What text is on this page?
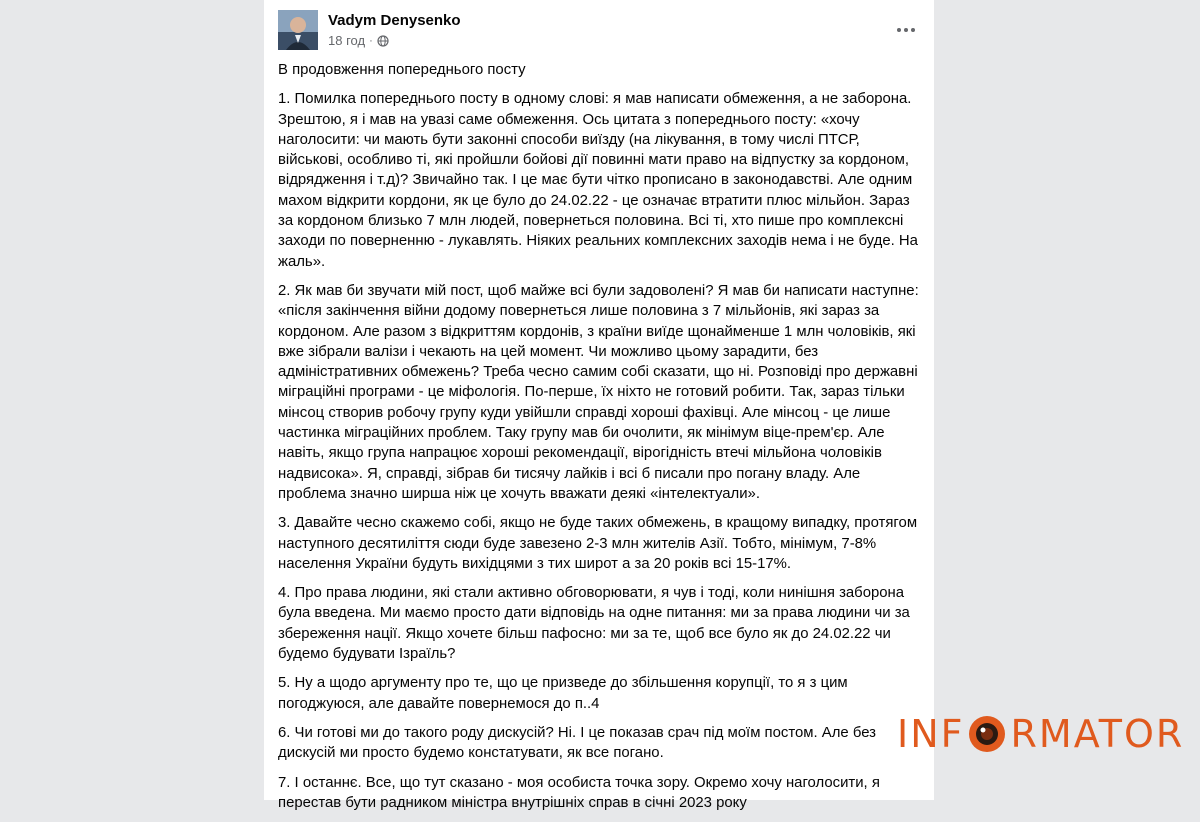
Vadym Denysenko
18 год ·

В продовження попереднього посту

1. Помилка попереднього посту в одному слові: я мав написати обмеження, а не заборона. Зрештою, я і мав на увазі саме обмеження. Ось цитата з попереднього посту: «хочу наголосити: чи мають бути законні способи виїзду (на лікування, в тому числі ПТСР, військові, особливо ті, які пройшли бойові дії повинні мати право на відпустку за кордоном, відрядження і т.д)? Звичайно так. І це має бути чітко прописано в законодавстві. Але одним махом відкрити кордони, як це було до 24.02.22 - це означає втратити плюс мільйон. Зараз за кордоном близько 7 млн людей, повернеться половина. Всі ті, хто пише про комплексні заходи по поверненню - лукавлять. Ніяких реальних комплексних заходів нема і не буде. На жаль».

2. Як мав би звучати мій пост, щоб майже всі були задоволені? Я мав би написати наступне: «після закінчення війни додому повернеться лише половина з 7 мільйонів, які зараз за кордоном. Але разом з відкриттям кордонів, з країни виїде щонайменше 1 млн чоловіків, які вже зібрали валізи і чекають на цей момент. Чи можливо цьому зарадити, без адміністративних обмежень? Треба чесно самим собі сказати, що ні. Розповіді про державні міграційні програми - це міфологія. По-перше, їх ніхто не готовий робити. Так, зараз тільки мінсоц створив робочу групу куди увійшли справді хороші фахівці. Але мінсоц - це лише частинка міграційних проблем. Таку групу мав би очолити, як мінімум віце-прем'єр. Але навіть, якщо група напрацює хороші рекомендації, вірогідність втечі мільйона чоловіків надвисока». Я, справді, зібрав би тисячу лайків і всі б писали про погану владу. Але проблема значно ширша ніж це хочуть вважати деякі «інтелектуали».

3. Давайте чесно скажемо собі, якщо не буде таких обмежень, в кращому випадку, протягом наступного десятиліття сюди буде завезено 2-3 млн жителів Азії. Тобто, мінімум, 7-8% населення України будуть вихідцями з тих широт а за 20 років всі 15-17%.

4. Про права людини, які стали активно обговорювати, я чув і тоді, коли нинішня заборона була введена. Ми маємо просто дати відповідь на одне питання: ми за права людини чи за збереження нації. Якщо хочете більш пафосно: ми за те, щоб все було як до 24.02.22 чи будемо будувати Ізраїль?

5. Ну а щодо аргументу про те, що це призведе до збільшення корупції, то я з цим погоджуюся, але давайте повернемося до п..4

6. Чи готові ми до такого роду дискусій? Ні. І це показав срач під моїм постом. Але без дискусій ми просто будемо констатувати, як все погано.

7. І останнє. Все, що тут сказано - моя особиста точка зору. Окремо хочу наголосити, я перестав бути радником міністра внутрішніх справ в січні 2023 року

INF RMATOR
